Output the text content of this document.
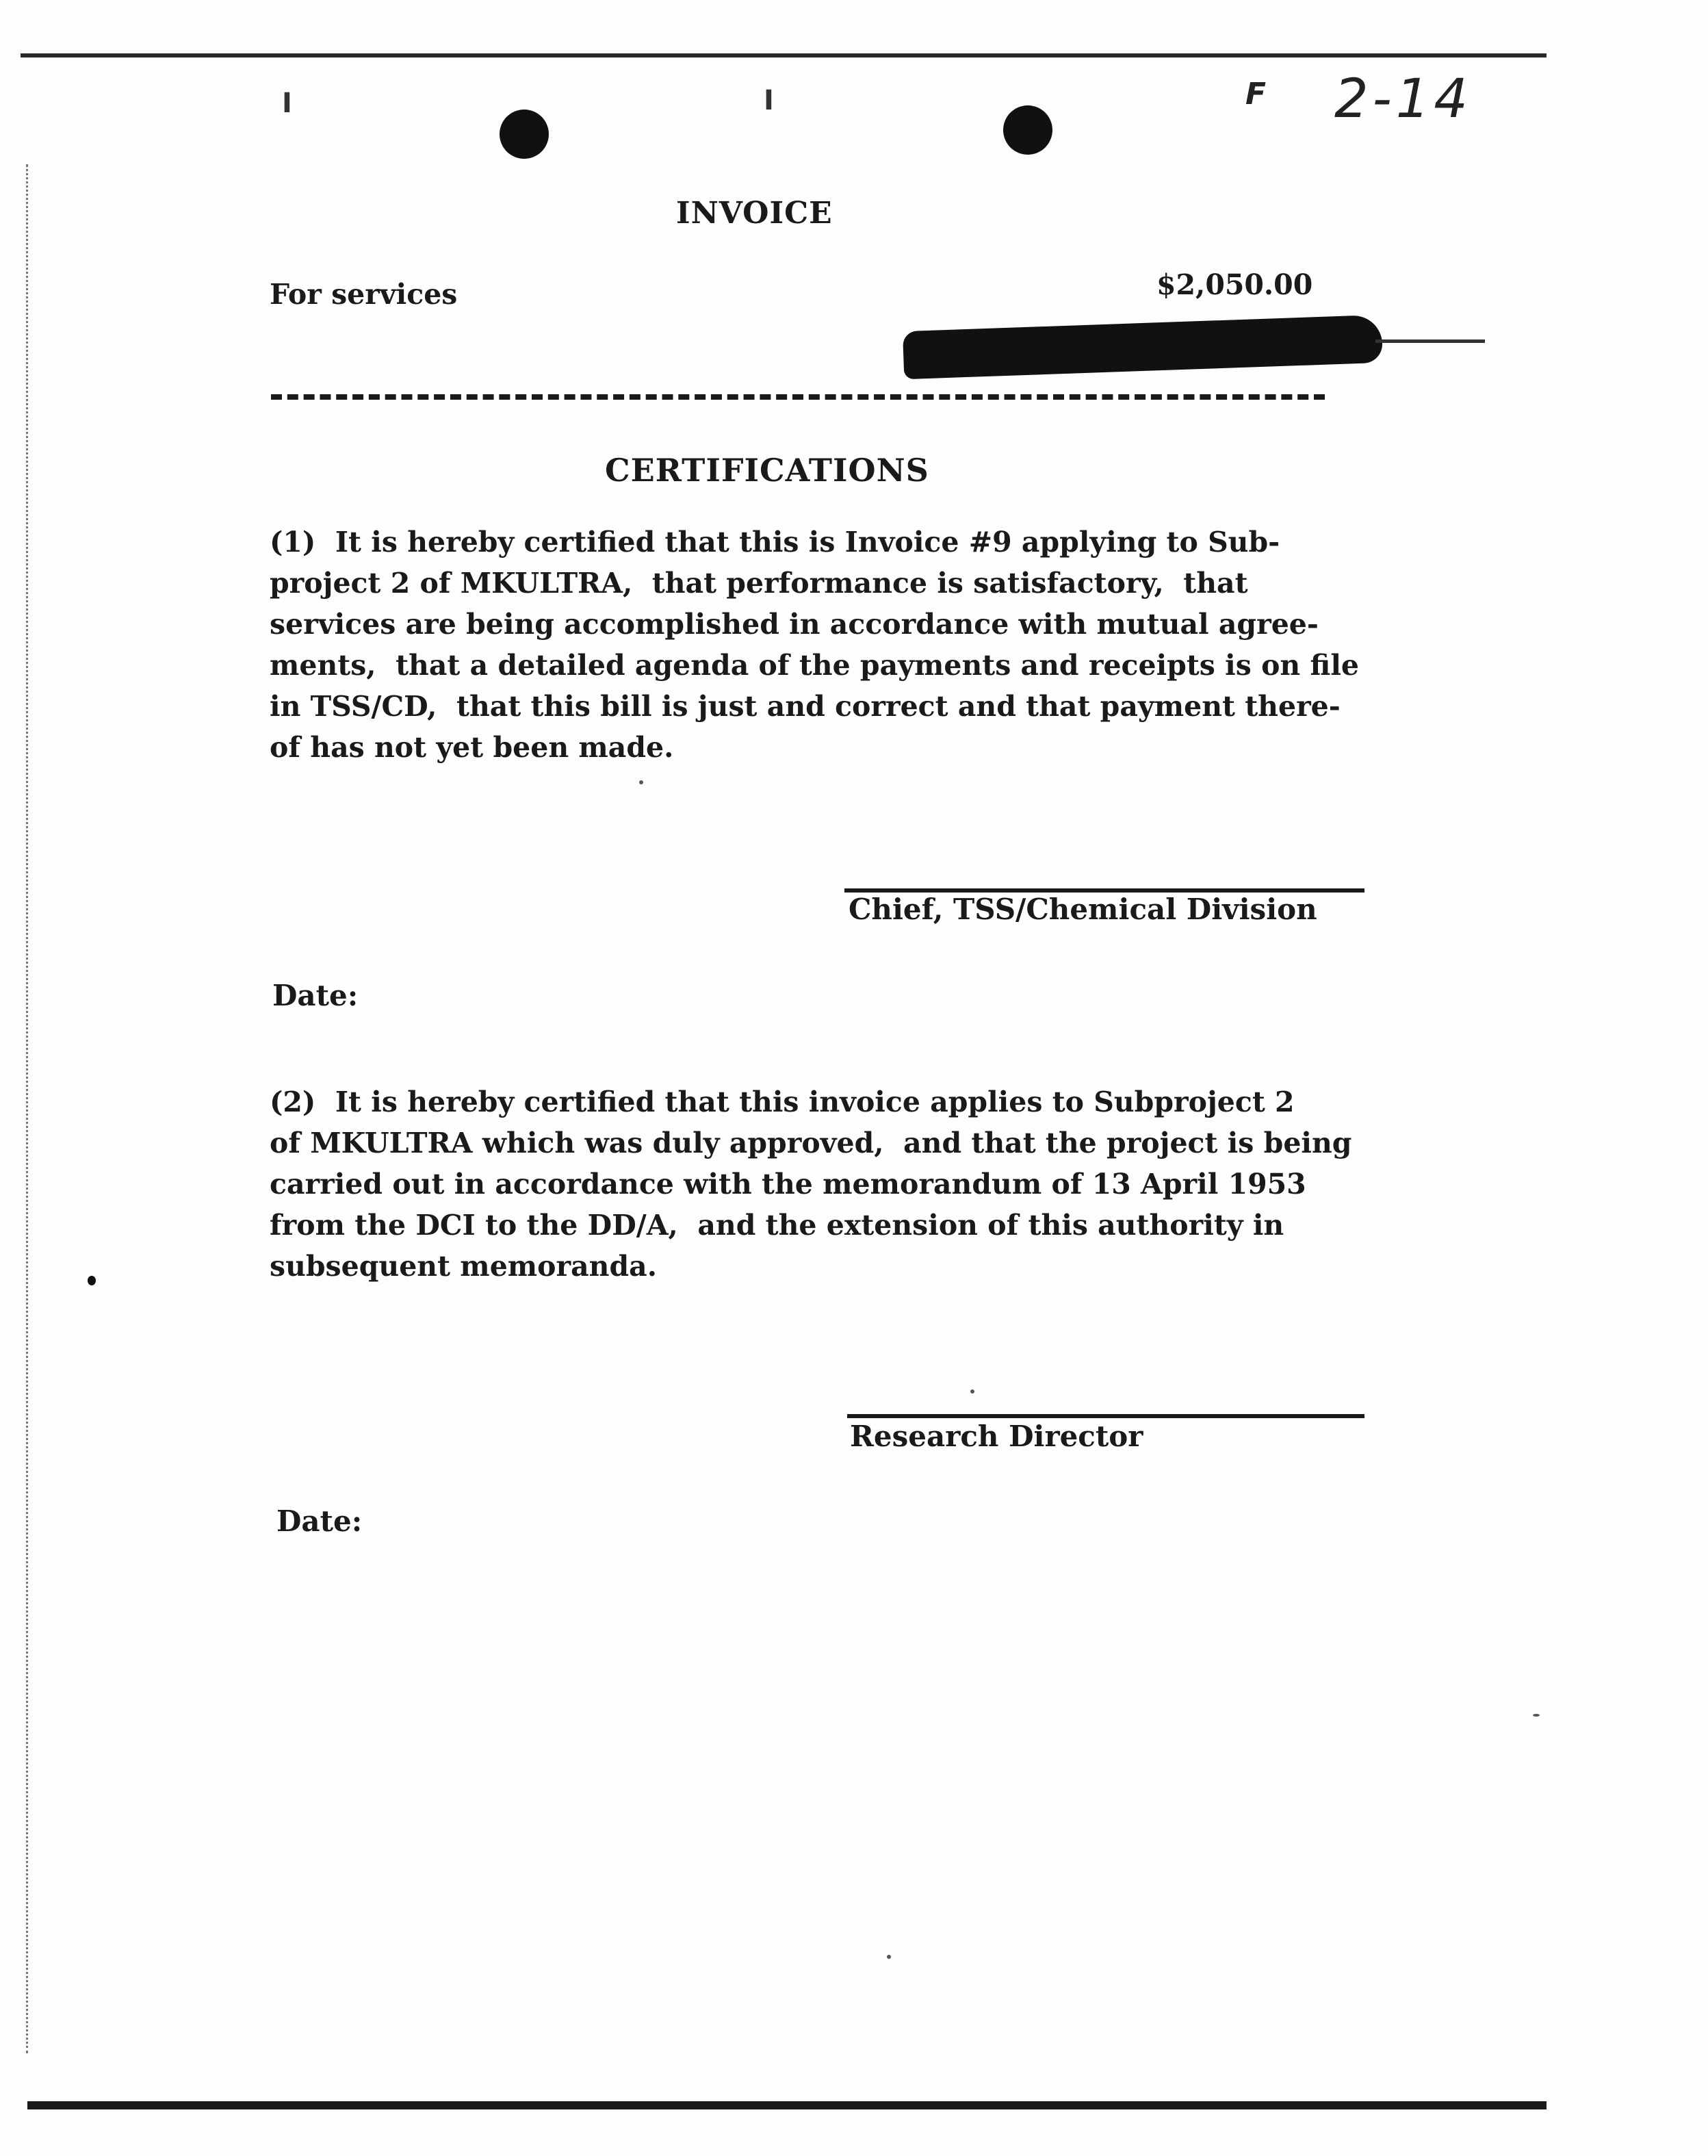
I	I	F 2-14
INVOICE
For services	$2,050.00
CERTIFICATIONS
(1)  It is hereby certified that this is Invoice #9 applying to Sub-
project 2 of MKULTRA,  that performance is satisfactory,  that
services are being accomplished in accordance with mutual agree-
ments,  that a detailed agenda of the payments and receipts is on file
in TSS/CD,  that this bill is just and correct and that payment there-
of has not yet been made.
Chief, TSS/Chemical Division
Date:
(2)  It is hereby certified that this invoice applies to Subproject 2
of MKULTRA which was duly approved,  and that the project is being
carried out in accordance with the memorandum of 13 April 1953
from the DCI to the DD/A,  and the extension of this authority in
subsequent memoranda.
Research Director
Date:
